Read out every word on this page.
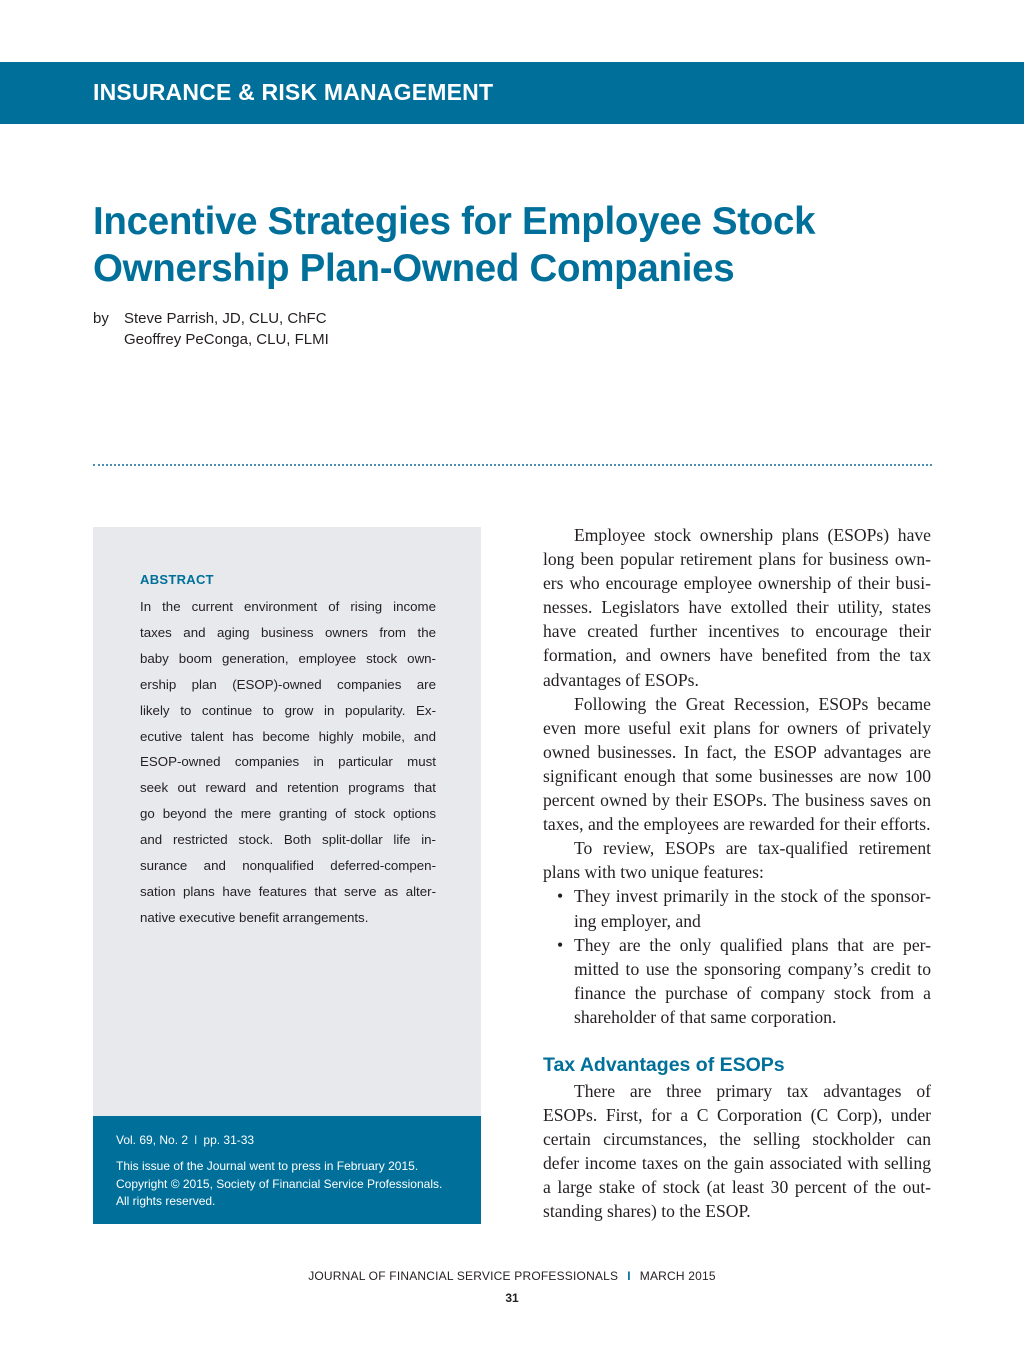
INSURANCE & RISK MANAGEMENT
Incentive Strategies for Employee Stock
Ownership Plan-Owned Companies
by Steve Parrish, JD, CLU, ChFC
Geoffrey PeConga, CLU, FLMI
ABSTRACT

In the current environment of rising income
taxes and aging business owners from the
baby boom generation, employee stock own-
ership plan (ESOP)-owned companies are
likely to continue to grow in popularity. Ex-
ecutive talent has become highly mobile, and
ESOP-owned companies in particular must
seek out reward and retention programs that
go beyond the mere granting of stock options
and restricted stock. Both split-dollar life in-
surance and nonqualified deferred-compen-
sation plans have features that serve as alter-
native executive benefit arrangements.

Vol. 69, No. 2 I pp. 31-33
This issue of the Journal went to press in February 2015.
Copyright © 2015, Society of Financial Service Professionals.
All rights reserved.

Employee stock ownership plans (ESOPs) have
long been popular retirement plans for business own-
ers who encourage employee ownership of their busi-
nesses. Legislators have extolled their utility, states
have created further incentives to encourage their
formation, and owners have benefited from the tax
advantages of ESOPs.

Following the Great Recession, ESOPs became
even more useful exit plans for owners of privately
owned businesses. In fact, the ESOP advantages are
significant enough that some businesses are now 100
percent owned by their ESOPs. The business saves on
taxes, and the employees are rewarded for their efforts.

To review, ESOPs are tax-qualified retirement
plans with two unique features:

• They invest primarily in the stock of the sponsor-
ing employer, and
• They are the only qualified plans that are per-
mitted to use the sponsoring company’s credit to
finance the purchase of company stock from a
shareholder of that same corporation.

Tax Advantages of ESOPs

There are three primary tax advantages of
ESOPs. First, for a C Corporation (C Corp), under
certain circumstances, the selling stockholder can
defer income taxes on the gain associated with selling
a large stake of stock (at least 30 percent of the out-
standing shares) to the ESOP.

JOURNAL OF FINANCIAL SERVICE PROFESSIONALS I MARCH 2015
31
